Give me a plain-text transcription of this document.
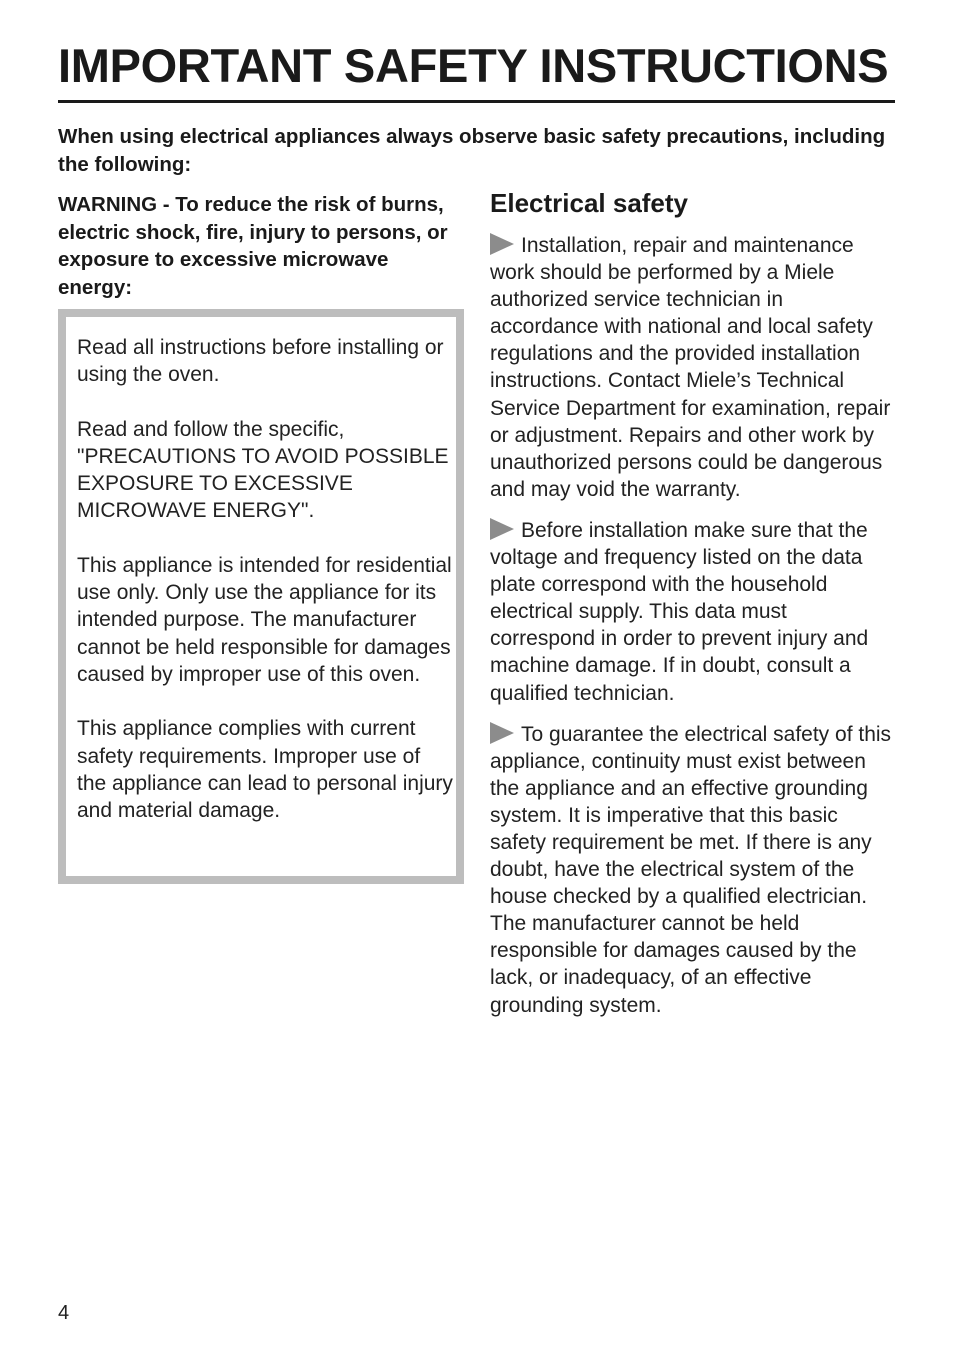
IMPORTANT SAFETY INSTRUCTIONS

When using electrical appliances always observe basic safety precautions, including the following:

WARNING - To reduce the risk of burns, electric shock, fire, injury to persons, or exposure to excessive microwave energy:

Read all instructions before installing or using the oven.

Read and follow the specific, "PRECAUTIONS TO AVOID POSSIBLE EXPOSURE TO EXCESSIVE MICROWAVE ENERGY".

This appliance is intended for residential use only. Only use the appliance for its intended purpose. The manufacturer cannot be held responsible for damages caused by improper use of this oven.

This appliance complies with current safety requirements. Improper use of the appliance can lead to personal injury and material damage.

Electrical safety

Installation, repair and maintenance work should be performed by a Miele authorized service technician in accordance with national and local safety regulations and the provided installation instructions. Contact Miele’s Technical Service Department for examination, repair or adjustment. Repairs and other work by unauthorized persons could be dangerous and may void the warranty.

Before installation make sure that the voltage and frequency listed on the data plate correspond with the household electrical supply. This data must correspond in order to prevent injury and machine damage. If in doubt, consult a qualified technician.

To guarantee the electrical safety of this appliance, continuity must exist between the appliance and an effective grounding system. It is imperative that this basic safety requirement be met. If there is any doubt, have the electrical system of the house checked by a qualified electrician. The manufacturer cannot be held responsible for damages caused by the lack, or inadequacy, of an effective grounding system.

4
